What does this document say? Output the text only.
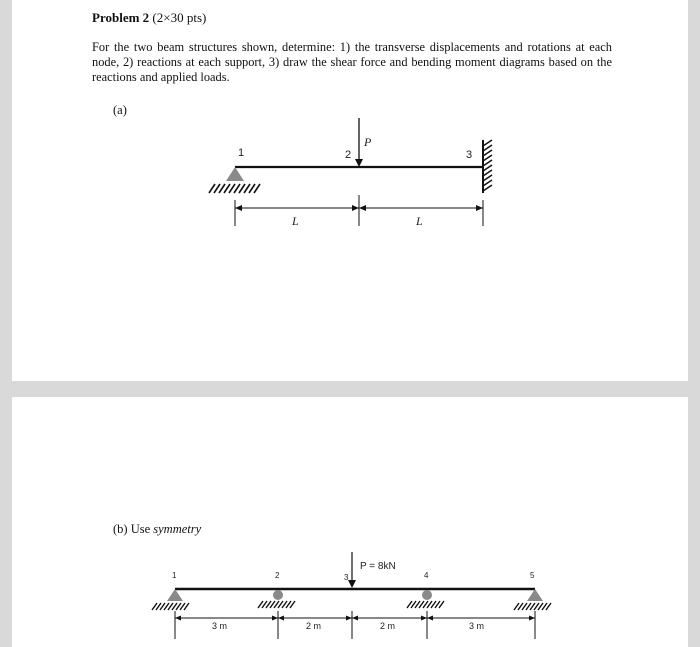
Problem 2 (2×30 pts)
For the two beam structures shown, determine: 1) the transverse displacements and rotations at each node, 2) reactions at each support, 3) draw the shear force and bending moment diagrams based on the reactions and applied loads.
(a)
P
1	2	3
L	L
(b) Use symmetry
P = 8kN
1	2	3	4	5
3 m	2 m	2 m	3 m
